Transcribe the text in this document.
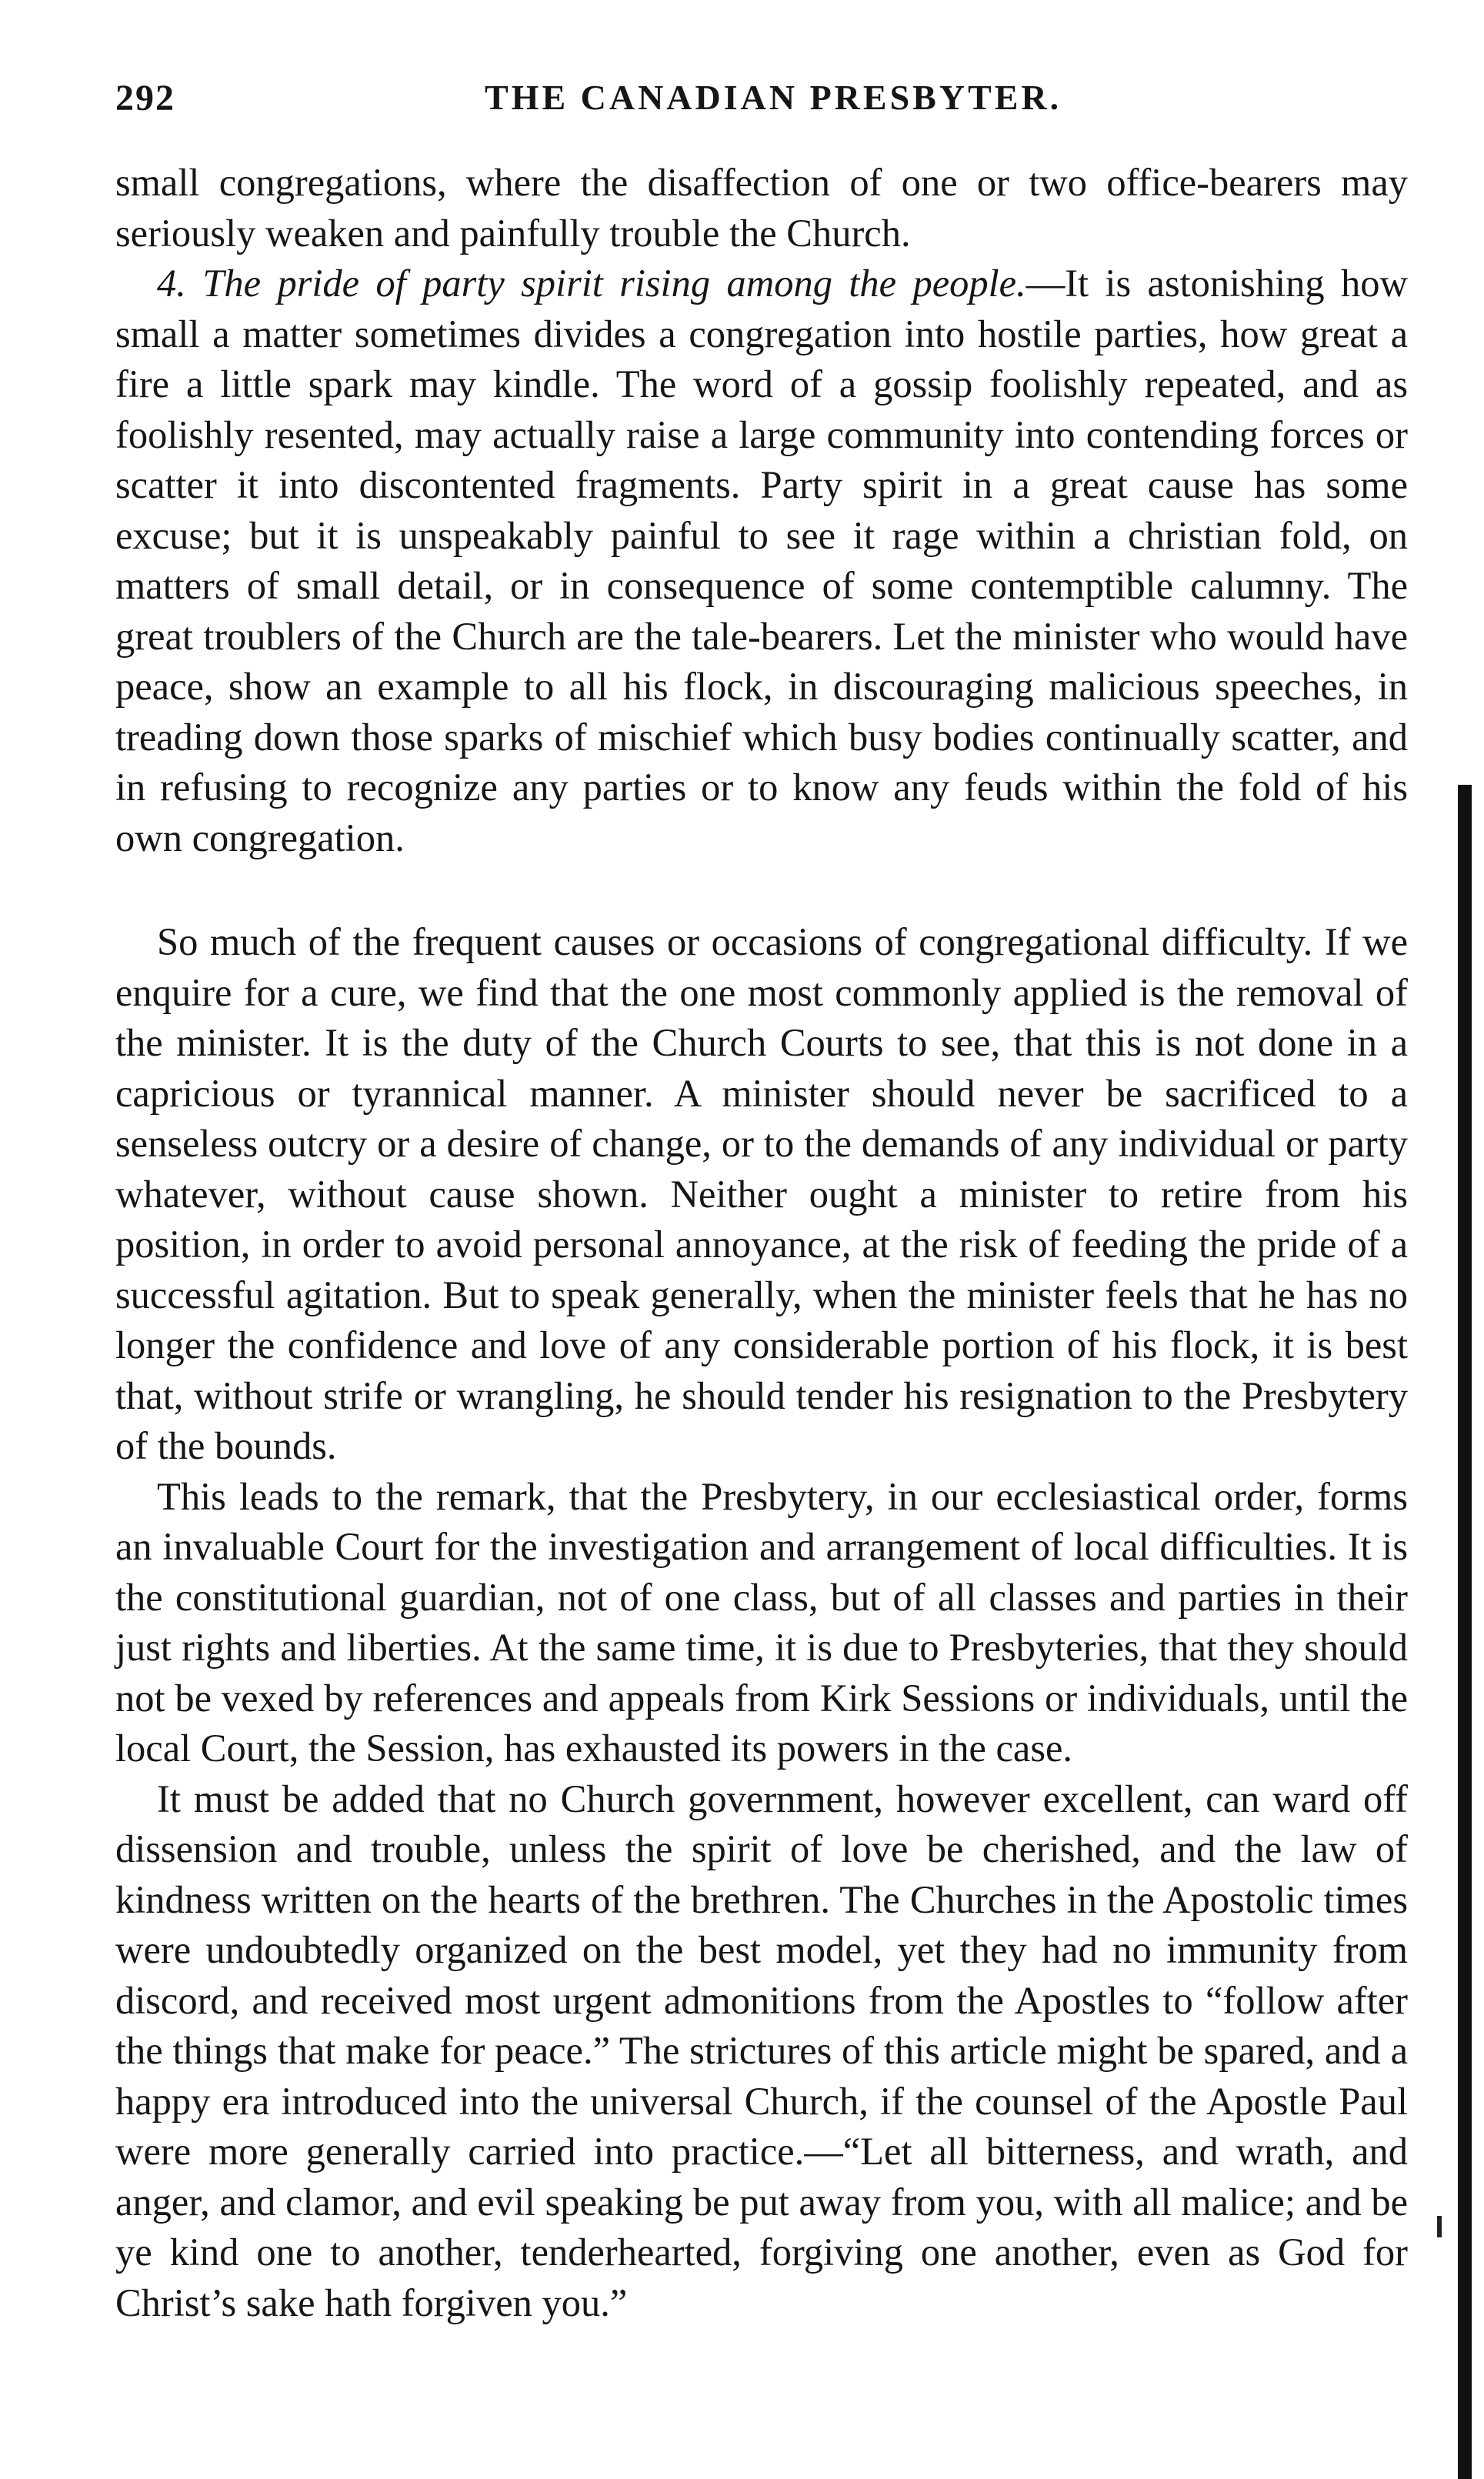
292	THE CANADIAN PRESBYTER.

small congregations, where the disaffection of one or two office-bearers may seriously weaken and painfully trouble the Church.

4. The pride of party spirit rising among the people.—It is astonishing how small a matter sometimes divides a congregation into hostile parties, how great a fire a little spark may kindle. The word of a gossip foolishly repeated, and as foolishly resented, may actually raise a large community into contending forces or scatter it into discontented fragments. Party spirit in a great cause has some excuse; but it is unspeakably painful to see it rage within a christian fold, on matters of small detail, or in consequence of some contemptible calumny. The great troublers of the Church are the tale-bearers. Let the minister who would have peace, show an example to all his flock, in discouraging malicious speeches, in treading down those sparks of mischief which busy bodies continually scatter, and in refusing to recognize any parties or to know any feuds within the fold of his own congregation.

So much of the frequent causes or occasions of congregational difficulty. If we enquire for a cure, we find that the one most commonly applied is the removal of the minister. It is the duty of the Church Courts to see, that this is not done in a capricious or tyrannical manner. A minister should never be sacrificed to a senseless outcry or a desire of change, or to the demands of any individual or party whatever, without cause shown. Neither ought a minister to retire from his position, in order to avoid personal annoyance, at the risk of feeding the pride of a successful agitation. But to speak generally, when the minister feels that he has no longer the confidence and love of any considerable portion of his flock, it is best that, without strife or wrangling, he should tender his resignation to the Presbytery of the bounds.

This leads to the remark, that the Presbytery, in our ecclesiastical order, forms an invaluable Court for the investigation and arrangement of local difficulties. It is the constitutional guardian, not of one class, but of all classes and parties in their just rights and liberties. At the same time, it is due to Presbyteries, that they should not be vexed by references and appeals from Kirk Sessions or individuals, until the local Court, the Session, has exhausted its powers in the case.

It must be added that no Church government, however excellent, can ward off dissension and trouble, unless the spirit of love be cherished, and the law of kindness written on the hearts of the brethren. The Churches in the Apostolic times were undoubtedly organized on the best model, yet they had no immunity from discord, and received most urgent admonitions from the Apostles to “follow after the things that make for peace.” The strictures of this article might be spared, and a happy era introduced into the universal Church, if the counsel of the Apostle Paul were more generally carried into practice.—“Let all bitterness, and wrath, and anger, and clamor, and evil speaking be put away from you, with all malice; and be ye kind one to another, tenderhearted, forgiving one another, even as God for Christ’s sake hath forgiven you.”
